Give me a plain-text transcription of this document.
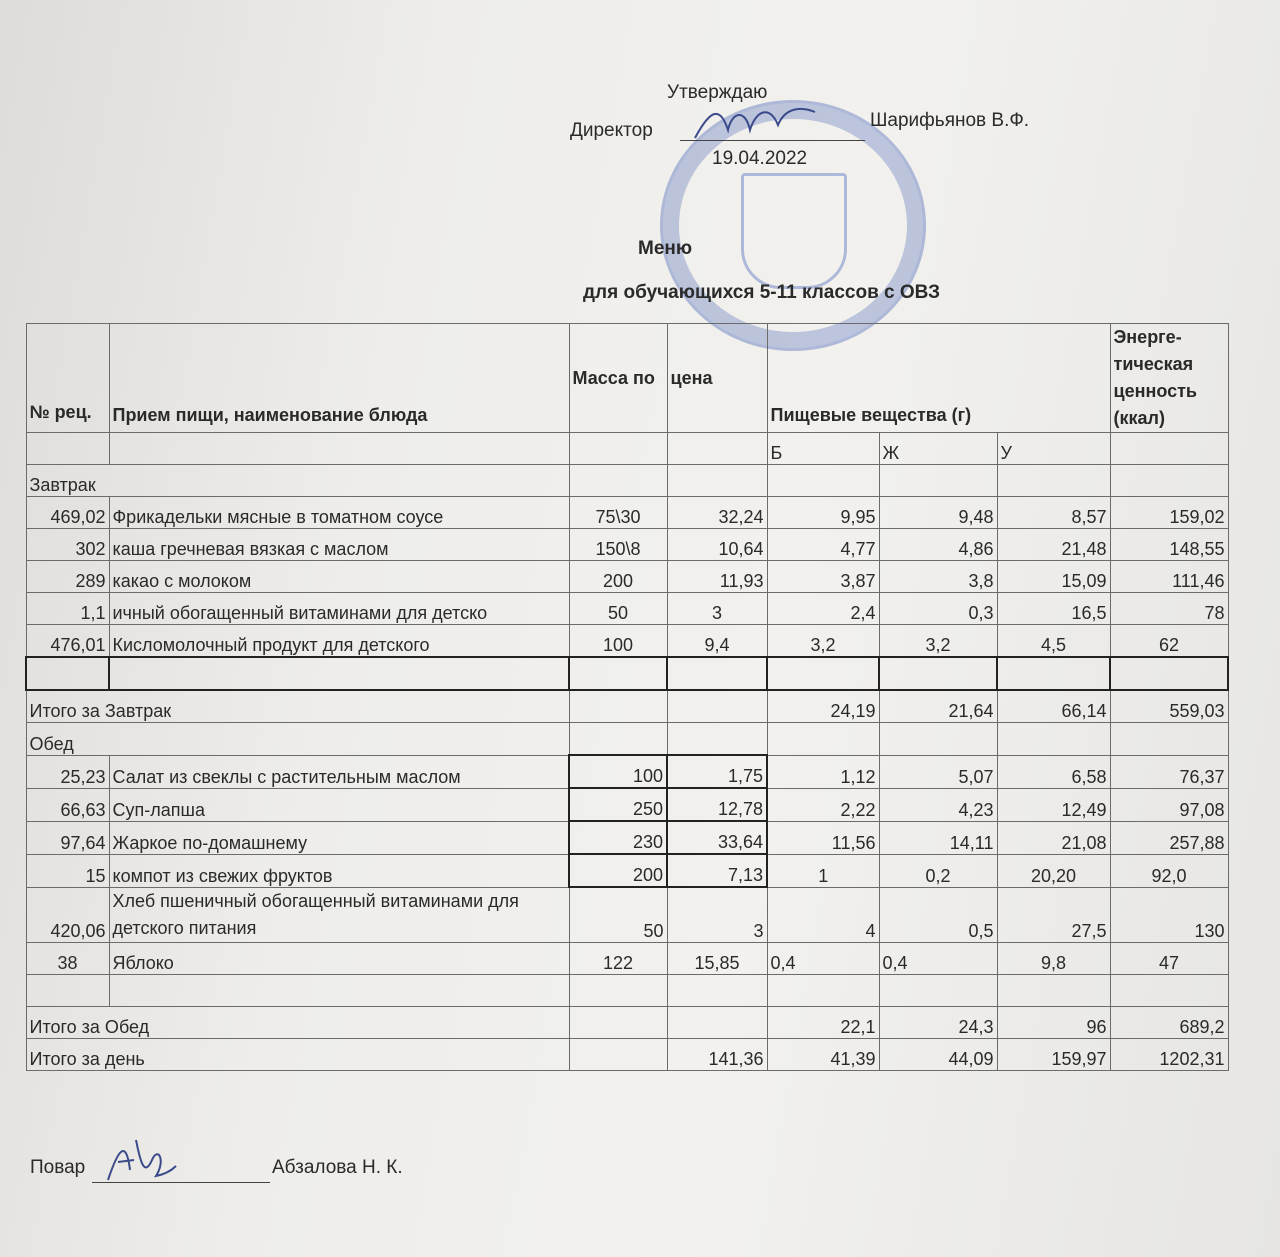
Утверждаю
Директор	Шарифьянов В.Ф.
19.04.2022
Меню
для обучающихся 5-11 классов с ОВЗ
№ рец.	Прием пищи, наименование блюда	Масса по	цена	Пищевые вещества (г)			Энерге-тическая ценность (ккал)
				Б	Ж	У	
Завтрак							
469,02	Фрикадельки мясные в томатном соусе	75\30	32,24	9,95	9,48	8,57	159,02
302	каша гречневая вязкая с маслом	150\8	10,64	4,77	4,86	21,48	148,55
289	какао с молоком	200	11,93	3,87	3,8	15,09	111,46
1,1	ичный обогащенный витаминами для детско	50	3	2,4	0,3	16,5	78
476,01	Кисломолочный продукт для детского	100	9,4	3,2	3,2	4,5	62

Итого за Завтрак				24,19	21,64	66,14	559,03
Обед							
25,23	Салат из свеклы с растительным маслом	100	1,75	1,12	5,07	6,58	76,37
66,63	Суп-лапша	250	12,78	2,22	4,23	12,49	97,08
97,64	Жаркое по-домашнему	230	33,64	11,56	14,11	21,08	257,88
15	компот из свежих фруктов	200	7,13	1	0,2	20,20	92,0
420,06	Хлеб пшеничный обогащенный витаминами для детского питания	50	3	4	0,5	27,5	130
38	Яблоко	122	15,85	0,4	0,4	9,8	47

Итого за Обед				22,1	24,3	96	689,2
Итого за день			141,36	41,39	44,09	159,97	1202,31
Повар	Абзалова Н. К.
